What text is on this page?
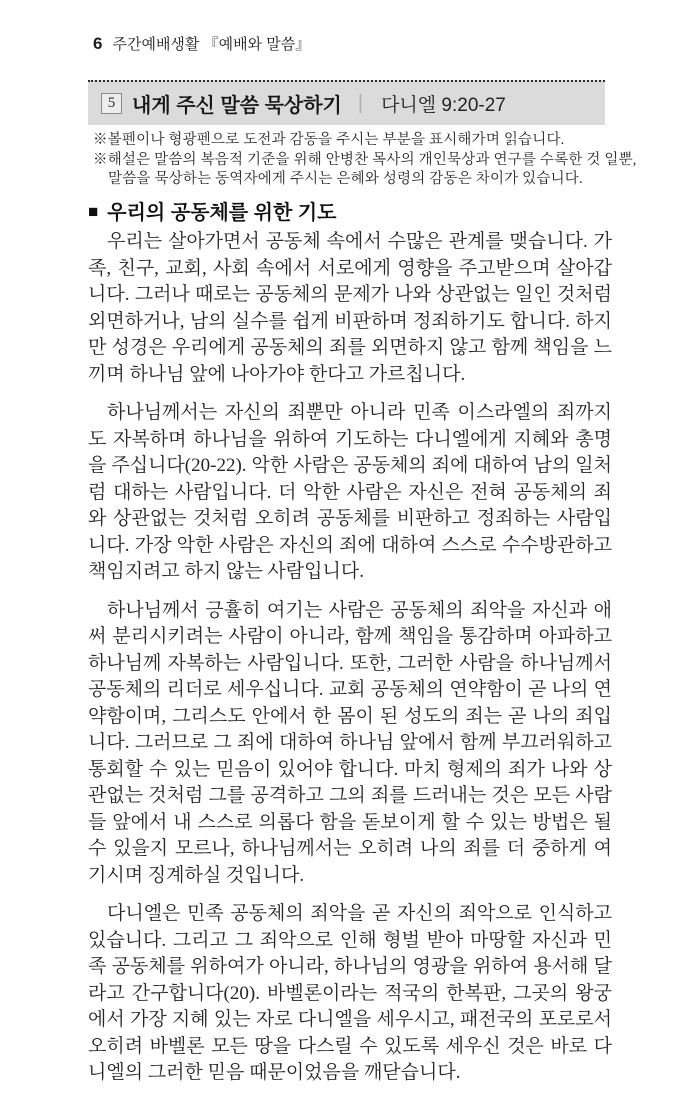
6 주간예배생활 『예배와 말씀』
5 내게 주신 말씀 묵상하기 | 다니엘 9:20-27
※볼펜이나 형광펜으로 도전과 감동을 주시는 부분을 표시해가며 읽습니다.
※해설은 말씀의 복음적 기준을 위해 안병찬 목사의 개인묵상과 연구를 수록한 것 일뿐,
말씀을 묵상하는 동역자에게 주시는 은혜와 성령의 감동은 차이가 있습니다.
■ 우리의 공동체를 위한 기도

우리는 살아가면서 공동체 속에서 수많은 관계를 맺습니다. 가족, 친구, 교회, 사회 속에서 서로에게 영향을 주고받으며 살아갑니다. 그러나 때로는 공동체의 문제가 나와 상관없는 일인 것처럼 외면하거나, 남의 실수를 쉽게 비판하며 정죄하기도 합니다. 하지만 성경은 우리에게 공동체의 죄를 외면하지 않고 함께 책임을 느끼며 하나님 앞에 나아가야 한다고 가르칩니다.

하나님께서는 자신의 죄뿐만 아니라 민족 이스라엘의 죄까지도 자복하며 하나님을 위하여 기도하는 다니엘에게 지혜와 총명을 주십니다(20-22). 악한 사람은 공동체의 죄에 대하여 남의 일처럼 대하는 사람입니다. 더 악한 사람은 자신은 전혀 공동체의 죄와 상관없는 것처럼 오히려 공동체를 비판하고 정죄하는 사람입니다. 가장 악한 사람은 자신의 죄에 대하여 스스로 수수방관하고 책임지려고 하지 않는 사람입니다.

하나님께서 긍휼히 여기는 사람은 공동체의 죄악을 자신과 애써 분리시키려는 사람이 아니라, 함께 책임을 통감하며 아파하고 하나님께 자복하는 사람입니다. 또한, 그러한 사람을 하나님께서 공동체의 리더로 세우십니다. 교회 공동체의 연약함이 곧 나의 연약함이며, 그리스도 안에서 한 몸이 된 성도의 죄는 곧 나의 죄입니다. 그러므로 그 죄에 대하여 하나님 앞에서 함께 부끄러워하고 통회할 수 있는 믿음이 있어야 합니다. 마치 형제의 죄가 나와 상관없는 것처럼 그를 공격하고 그의 죄를 드러내는 것은 모든 사람들 앞에서 내 스스로 의롭다 함을 돋보이게 할 수 있는 방법은 될 수 있을지 모르나, 하나님께서는 오히려 나의 죄를 더 중하게 여기시며 징계하실 것입니다.

다니엘은 민족 공동체의 죄악을 곧 자신의 죄악으로 인식하고 있습니다. 그리고 그 죄악으로 인해 형벌 받아 마땅할 자신과 민족 공동체를 위하여가 아니라, 하나님의 영광을 위하여 용서해 달라고 간구합니다(20). 바벨론이라는 적국의 한복판, 그곳의 왕궁에서 가장 지혜 있는 자로 다니엘을 세우시고, 패전국의 포로로서 오히려 바벨론 모든 땅을 다스릴 수 있도록 세우신 것은 바로 다니엘의 그러한 믿음 때문이었음을 깨닫습니다.
